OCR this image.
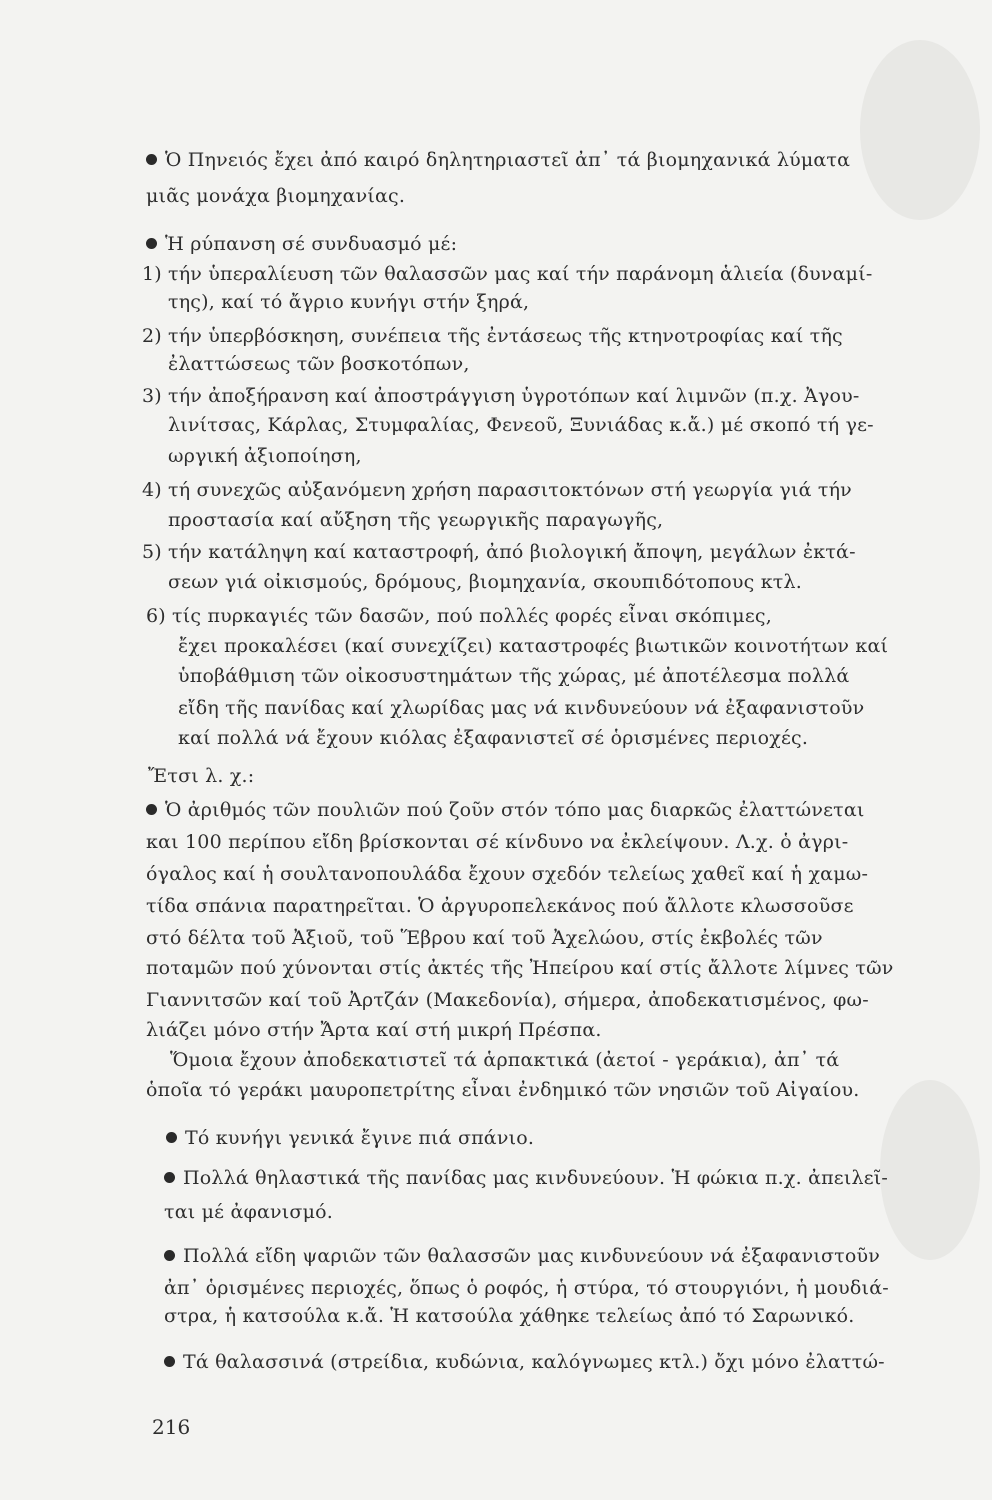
Ὁ Πηνειός ἔχει ἀπό καιρό δηλητηριαστεῖ ἀπ᾽ τά βιομηχανικά λύματα
μιᾶς μονάχα βιομηχανίας.
Ἡ ρύπανση σέ συνδυασμό μέ:
1) τήν ὑπεραλίευση τῶν θαλασσῶν μας καί τήν παράνομη ἁλιεία (δυναμί-
της), καί τό ἄγριο κυνήγι στήν ξηρά,
2) τήν ὑπερβόσκηση, συνέπεια τῆς ἐντάσεως τῆς κτηνοτροφίας καί τῆς
ἐλαττώσεως τῶν βοσκοτόπων,
3) τήν ἀποξήρανση καί ἀποστράγγιση ὑγροτόπων καί λιμνῶν (π.χ. Ἀγου-
λινίτσας, Κάρλας, Στυμφαλίας, Φενεοῦ, Ξυνιάδας κ.ἄ.) μέ σκοπό τή γε-
ωργική ἀξιοποίηση,
4) τή συνεχῶς αὐξανόμενη χρήση παρασιτοκτόνων στή γεωργία γιά τήν
προστασία καί αὔξηση τῆς γεωργικῆς παραγωγῆς,
5) τήν κατάληψη καί καταστροφή, ἀπό βιολογική ἄποψη, μεγάλων ἐκτά-
σεων γιά οἰκισμούς, δρόμους, βιομηχανία, σκουπιδότοπους κτλ.
6) τίς πυρκαγιές τῶν δασῶν, πού πολλές φορές εἶναι σκόπιμες,
ἔχει προκαλέσει (καί συνεχίζει) καταστροφές βιωτικῶν κοινοτήτων καί
ὑποβάθμιση τῶν οἰκοσυστημάτων τῆς χώρας, μέ ἀποτέλεσμα πολλά
εἴδη τῆς πανίδας καί χλωρίδας μας νά κινδυνεύουν νά ἐξαφανιστοῦν
καί πολλά νά ἔχουν κιόλας ἐξαφανιστεῖ σέ ὁρισμένες περιοχές.
Ἔτσι λ. χ.:
Ὁ ἀριθμός τῶν πουλιῶν πού ζοῦν στόν τόπο μας διαρκῶς ἐλαττώνεται
και 100 περίπου εἴδη βρίσκονται σέ κίνδυνο να ἐκλείψουν. Λ.χ. ὁ ἀγρι-
όγαλος καί ἡ σουλτανοπουλάδα ἔχουν σχεδόν τελείως χαθεῖ καί ἡ χαμω-
τίδα σπάνια παρατηρεῖται. Ὁ ἀργυροπελεκάνος πού ἄλλοτε κλωσσοῦσε
στό δέλτα τοῦ Ἀξιοῦ, τοῦ Ἕβρου καί τοῦ Ἀχελώου, στίς ἐκβολές τῶν
ποταμῶν πού χύνονται στίς ἀκτές τῆς Ἠπείρου καί στίς ἄλλοτε λίμνες τῶν
Γιαννιτσῶν καί τοῦ Ἀρτζάν (Μακεδονία), σήμερα, ἀποδεκατισμένος, φω-
λιάζει μόνο στήν Ἄρτα καί στή μικρή Πρέσπα.
Ὅμοια ἔχουν ἀποδεκατιστεῖ τά ἁρπακτικά (ἀετοί - γεράκια), ἀπ᾽ τά
ὁποῖα τό γεράκι μαυροπετρίτης εἶναι ἐνδημικό τῶν νησιῶν τοῦ Αἰγαίου.
Τό κυνήγι γενικά ἔγινε πιά σπάνιο.
Πολλά θηλαστικά τῆς πανίδας μας κινδυνεύουν. Ἡ φώκια π.χ. ἀπειλεῖ-
ται μέ ἀφανισμό.
Πολλά εἴδη ψαριῶν τῶν θαλασσῶν μας κινδυνεύουν νά ἐξαφανιστοῦν
ἀπ᾽ ὁρισμένες περιοχές, ὅπως ὁ ροφός, ἡ στύρα, τό στουργιόνι, ἡ μουδιά-
στρα, ἡ κατσούλα κ.ἄ. Ἡ κατσούλα χάθηκε τελείως ἀπό τό Σαρωνικό.
Τά θαλασσινά (στρείδια, κυδώνια, καλόγνωμες κτλ.) ὄχι μόνο ἐλαττώ-
216
